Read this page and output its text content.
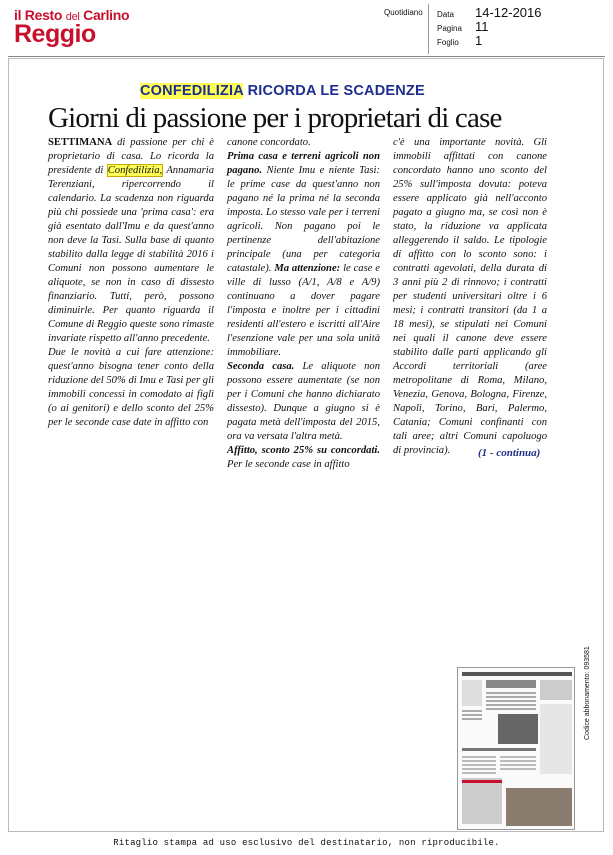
il Resto del Carlino
Reggio
Quotidiano Data 14-12-2016
Pagina 11
Foglio 1
CONFEDILIZIA RICORDA LE SCADENZE
Giorni di passione per i proprietari di case

SETTIMANA di passione per chi è proprietario di casa. Lo ricorda la presidente di Confedilizia, Annamaria Terenziani, ripercorrendo il calendario. La scadenza non riguarda più chi possiede una 'prima casa': era già esentato dall'Imu e da quest'anno non deve la Tasi. Sulla base di quanto stabilito dalla legge di stabilità 2016 i Comuni non possono aumentare le aliquote, se non in caso di dissesto finanziario. Tutti, però, possono diminuirle. Per quanto riguarda il Comune di Reggio queste sono rimaste invariate rispetto all'anno precedente.

Due le novità a cui fare attenzione: quest'anno bisogna tener conto della riduzione del 50% di Imu e Tasi per gli immobili concessi in comodato ai figli (o ai genitori) e dello sconto del 25% per le seconde case date in affitto con

canone concordato.

Prima casa e terreni agricoli non pagano. Niente Imu e niente Tasi: le prime case da quest'anno non pagano né la prima né la seconda imposta. Lo stesso vale per i terreni agricoli. Non pagano poi le pertinenze dell'abitazione principale (una per categoria catastale). Ma attenzione: le case e ville di lusso (A/1, A/8 e A/9) continuano a dover pagare l'imposta e inoltre per i cittadini residenti all'estero e iscritti all'Aire l'esenzione vale per una sola unità immobiliare.

Seconda casa. Le aliquote non possono essere aumentate (se non per i Comuni che hanno dichiarato dissesto). Dunque a giugno si è pagata metà dell'imposta del 2015, ora va versata l'altra metà.

Affitto, sconto 25% su concordati. Per le seconde case in affitto

c'è una importante novità. Gli immobili affittati con canone concordato hanno uno sconto del 25% sull'imposta dovuta: poteva essere applicato già nell'acconto pagato a giugno ma, se così non è stato, la riduzione va applicata alleggerendo il saldo. Le tipologie di affitto con lo sconto sono: i contratti agevolati, della durata di 3 anni più 2 di rinnovo; i contratti per studenti universitari oltre i 6 mesi; i contratti transitori (da 1 a 18 mesi), se stipulati nei Comuni nei quali il canone deve essere stabilito dalle parti applicando gli Accordi territoriali (aree metropolitane di Roma, Milano, Venezia, Genova, Bologna, Firenze, Napoli, Torino, Bari, Palermo, Catania; Comuni confinanti con tali aree; altri Comuni capoluogo di provincia).	(1 - continua)
Codice abbonamento: 093581
Ritaglio stampa ad uso esclusivo del destinatario, non riproducibile.
